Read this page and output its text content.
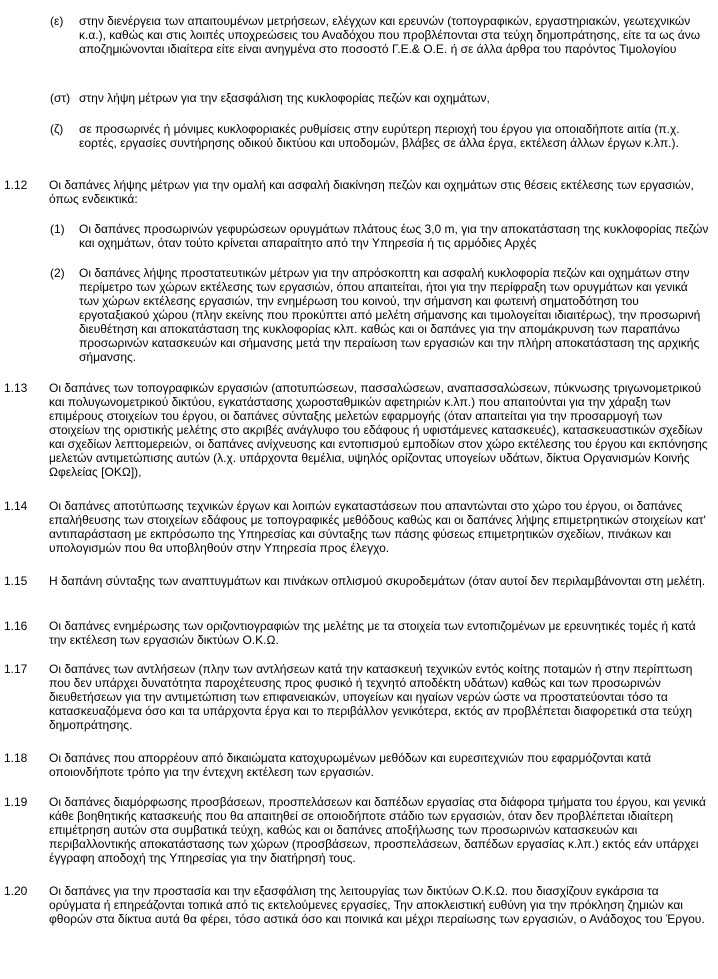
(ε) στην διενέργεια των απαιτουμένων μετρήσεων, ελέγχων και ερευνών (τοπογραφικών, εργαστηριακών, γεωτεχνικών κ.α.), καθώς και στις λοιπές υποχρεώσεις του Αναδόχου που προβλέπονται στα τεύχη δημοπράτησης, είτε τα ως άνω αποζημιώνονται ιδιαίτερα είτε είναι ανηγμένα στο ποσοστό Γ.Ε.& Ο.Ε. ή σε άλλα άρθρα του παρόντος Τιμολογίου
(στ) στην λήψη μέτρων για την εξασφάλιση της κυκλοφορίας πεζών και οχημάτων,
(ζ) σε προσωρινές ή μόνιμες κυκλοφοριακές ρυθμίσεις στην ευρύτερη περιοχή του έργου για οποιαδήποτε αιτία (π.χ. εορτές, εργασίες συντήρησης οδικού δικτύου και υποδομών, βλάβες σε άλλα έργα, εκτέλεση άλλων έργων κ.λπ.).
1.12 Οι δαπάνες λήψης μέτρων για την ομαλή και ασφαλή διακίνηση πεζών και οχημάτων στις θέσεις εκτέλεσης των εργασιών, όπως ενδεικτικά:
(1) Οι δαπάνες προσωρινών γεφυρώσεων ορυγμάτων πλάτους έως 3,0 m, για την αποκατάσταση της κυκλοφορίας πεζών και οχημάτων, όταν τούτο κρίνεται απαραίτητο από την Υπηρεσία ή τις αρμόδιες Αρχές
(2) Οι δαπάνες λήψης προστατευτικών μέτρων για την απρόσκοπτη και ασφαλή κυκλοφορία πεζών και οχημάτων στην περίμετρο των χώρων εκτέλεσης των εργασιών, όπου απαιτείται, ήτοι για την περίφραξη των ορυγμάτων και γενικά των χώρων εκτέλεσης εργασιών, την ενημέρωση του κοινού, την σήμανση και φωτεινή σηματοδότηση του εργοταξιακού χώρου (πλην εκείνης που προκύπτει από μελέτη σήμανσης και τιμολογείται ιδιαιτέρως), την προσωρινή διευθέτηση και αποκατάσταση της κυκλοφορίας κλπ. καθώς και οι δαπάνες για την απομάκρυνση των παραπάνω προσωρινών κατασκευών και σήμανσης μετά την περαίωση των εργασιών και την πλήρη αποκατάσταση της αρχικής σήμανσης.
1.13 Οι δαπάνες των τοπογραφικών εργασιών (αποτυπώσεων, πασσαλώσεων, αναπασσαλώσεων, πύκνωσης τριγωνομετρικού και πολυγωνομετρικού δικτύου, εγκατάστασης χωροσταθμικών αφετηριών κ.λπ.) που απαιτούνται για την χάραξη των επιμέρους στοιχείων του έργου, οι δαπάνες σύνταξης μελετών εφαρμογής (όταν απαιτείται για την προσαρμογή των στοιχείων της οριστικής μελέτης στο ακριβές ανάγλυφο του εδάφους ή υφιστάμενες κατασκευές), κατασκευαστικών σχεδίων και σχεδίων λεπτομερειών, οι δαπάνες ανίχνευσης και εντοπισμού εμποδίων στον χώρο εκτέλεσης του έργου και εκπόνησης μελετών αντιμετώπισης αυτών (λ.χ. υπάρχοντα θεμέλια, υψηλός ορίζοντας υπογείων υδάτων, δίκτυα Οργανισμών Κοινής Ωφελείας [ΟΚΩ]),
1.14 Οι δαπάνες αποτύπωσης τεχνικών έργων και λοιπών εγκαταστάσεων που απαντώνται στο χώρο του έργου, οι δαπάνες επαλήθευσης των στοιχείων εδάφους με τοπογραφικές μεθόδους καθώς και οι δαπάνες λήψης επιμετρητικών στοιχείων κατ' αντιπαράσταση με εκπρόσωπο της Υπηρεσίας και σύνταξης των πάσης φύσεως επιμετρητικών σχεδίων, πινάκων και υπολογισμών που θα υποβληθούν στην Υπηρεσία προς έλεγχο.
1.15 Η δαπάνη σύνταξης των αναπτυγμάτων και πινάκων οπλισμού σκυροδεμάτων (όταν αυτοί δεν περιλαμβάνονται στη μελέτη.
1.16 Οι δαπάνες ενημέρωσης των οριζοντιογραφιών της μελέτης με τα στοιχεία των εντοπιζομένων με ερευνητικές τομές ή κατά την εκτέλεση των εργασιών δικτύων Ο.Κ.Ω.
1.17 Οι δαπάνες των αντλήσεων (πλην των αντλήσεων κατά την κατασκευή τεχνικών εντός κοίτης ποταμών ή στην περίπτωση που δεν υπάρχει δυνατότητα παροχέτευσης προς φυσικό ή τεχνητό αποδέκτη υδάτων) καθώς και των προσωρινών διευθετήσεων για την αντιμετώπιση των επιφανειακών, υπογείων και ηγαίων νερών ώστε να προστατεύονται τόσο τα κατασκευαζόμενα όσο και τα υπάρχοντα έργα και το περιβάλλον γενικότερα, εκτός αν προβλέπεται διαφορετικά στα τεύχη δημοπράτησης.
1.18 Οι δαπάνες που απορρέουν από δικαιώματα κατοχυρωμένων μεθόδων και ευρεσιτεχνιών που εφαρμόζονται κατά οποιονδήποτε τρόπο για την έντεχνη εκτέλεση των εργασιών.
1.19 Οι δαπάνες διαμόρφωσης προσβάσεων, προσπελάσεων και δαπέδων εργασίας στα διάφορα τμήματα του έργου, και γενικά κάθε βοηθητικής κατασκευής που θα απαιτηθεί σε οποιοδήποτε στάδιο των εργασιών, όταν δεν προβλέπεται ιδιαίτερη επιμέτρηση αυτών στα συμβατικά τεύχη, καθώς και οι δαπάνες αποξήλωσης των προσωρινών κατασκευών και περιβαλλοντικής αποκατάστασης των χώρων (προσβάσεων, προσπελάσεων, δαπέδων εργασίας κ.λπ.) εκτός εάν υπάρχει έγγραφη αποδοχή της Υπηρεσίας για την διατήρησή τους.
1.20 Οι δαπάνες για την προστασία και την εξασφάλιση της λειτουργίας των δικτύων Ο.Κ.Ω. που διασχίζουν εγκάρσια τα ορύγματα ή επηρεάζονται τοπικά από τις εκτελούμενες εργασίες, Την αποκλειστική ευθύνη για την πρόκληση ζημιών και φθορών στα δίκτυα αυτά θα φέρει, τόσο αστικά όσο και ποινικά και μέχρι περαίωσης των εργασιών, ο Ανάδοχος του Έργου.
